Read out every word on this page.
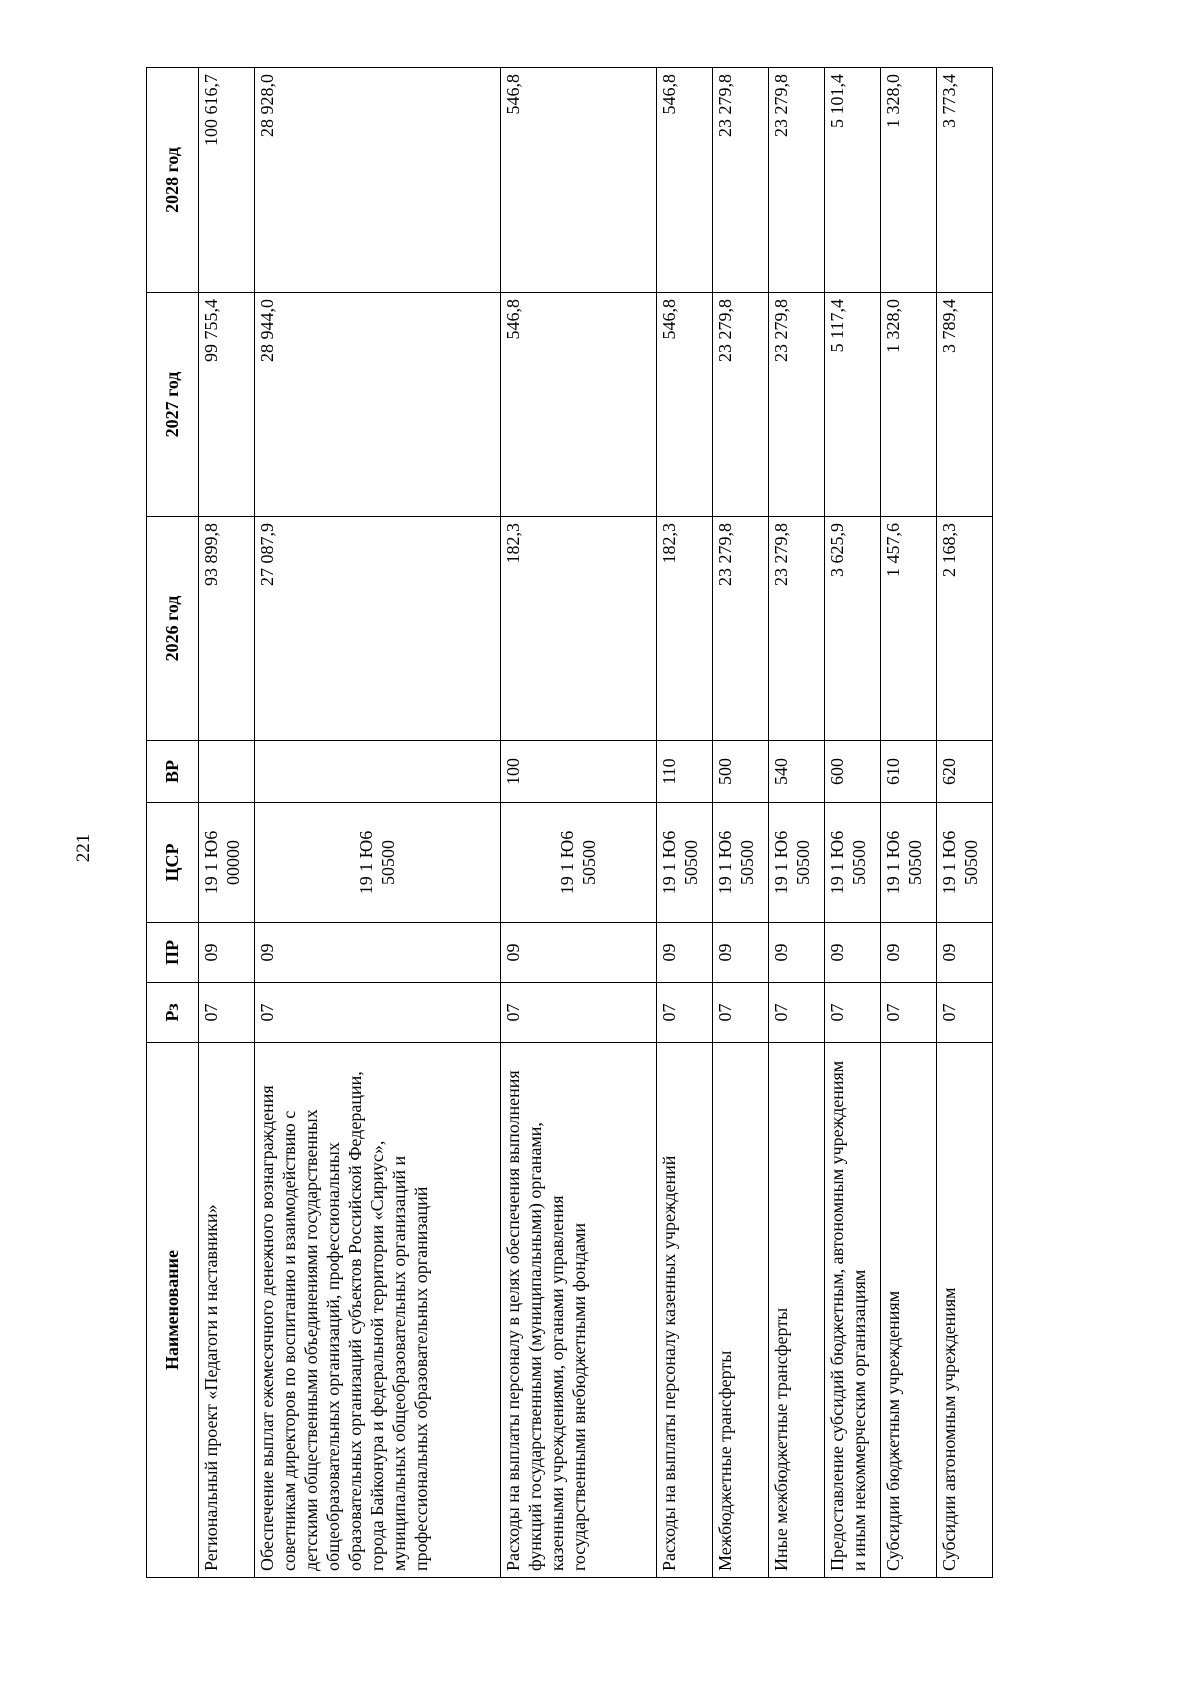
221
Наименование	Рз	ПР	ЦСР	ВР	2026 год	2027 год	2028 год
Региональный проект «Педагоги и наставники»	07	09	19 1 Ю6 00000		93 899,8	99 755,4	100 616,7
Обеспечение выплат ежемесячного денежного вознаграждения советникам директоров по воспитанию и взаимодействию с детскими общественными объединениями государственных общеобразовательных организаций, профессиональных образовательных организаций субъектов Российской Федерации, города Байконура и федеральной территории «Сириус», муниципальных общеобразовательных организаций и профессиональных образовательных организаций	07	09	19 1 Ю6 50500		27 087,9	28 944,0	28 928,0
Расходы на выплаты персоналу в целях обеспечения выполнения функций государственными (муниципальными) органами, казенными учреждениями, органами управления государственными внебюджетными фондами	07	09	19 1 Ю6 50500	100	182,3	546,8	546,8
Расходы на выплаты персоналу казенных учреждений	07	09	19 1 Ю6 50500	110	182,3	546,8	546,8
Межбюджетные трансферты	07	09	19 1 Ю6 50500	500	23 279,8	23 279,8	23 279,8
Иные межбюджетные трансферты	07	09	19 1 Ю6 50500	540	23 279,8	23 279,8	23 279,8
Предоставление субсидий бюджетным, автономным учреждениям и иным некоммерческим организациям	07	09	19 1 Ю6 50500	600	3 625,9	5 117,4	5 101,4
Субсидии бюджетным учреждениям	07	09	19 1 Ю6 50500	610	1 457,6	1 328,0	1 328,0
Субсидии автономным учреждениям	07	09	19 1 Ю6 50500	620	2 168,3	3 789,4	3 773,4
